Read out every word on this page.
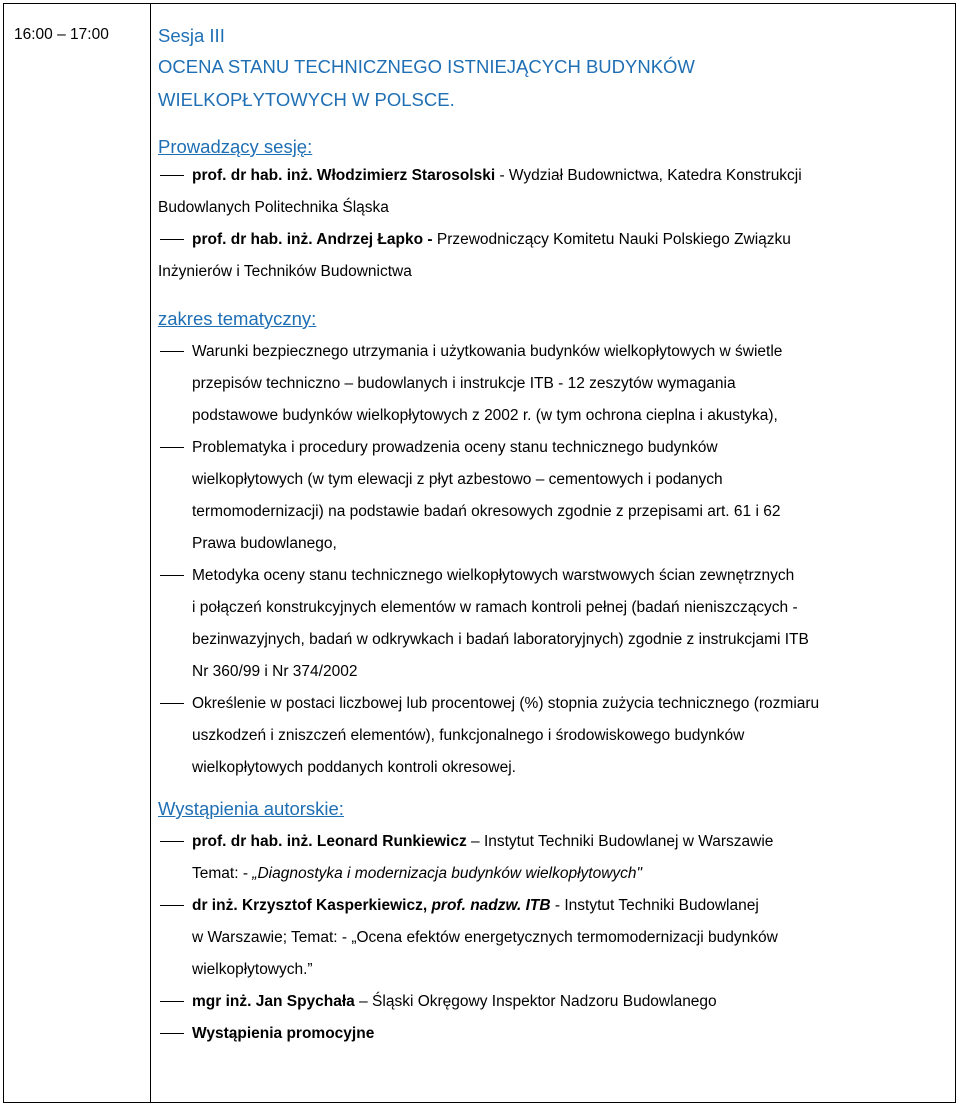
16:00 – 17:00	Sesja III
OCENA STANU TECHNICZNEGO ISTNIEJĄCYCH BUDYNKÓW
WIELKOPŁYTOWYCH W POLSCE.
Prowadzący sesję:
prof. dr hab. inż. Włodzimierz Starosolski - Wydział Budownictwa, Katedra Konstrukcji
Budowlanych Politechnika Śląska
prof. dr hab. inż. Andrzej Łapko - Przewodniczący Komitetu Nauki Polskiego Związku
Inżynierów i Techników Budownictwa
zakres tematyczny:
Warunki bezpiecznego utrzymania i użytkowania budynków wielkopłytowych w świetle
przepisów techniczno – budowlanych i instrukcje ITB - 12 zeszytów wymagania
podstawowe budynków wielkopłytowych z 2002 r. (w tym ochrona cieplna i akustyka),
Problematyka i procedury prowadzenia oceny stanu technicznego budynków
wielkopłytowych (w tym elewacji z płyt azbestowo – cementowych i podanych
termomodernizacji) na podstawie badań okresowych zgodnie z przepisami art. 61 i 62
Prawa budowlanego,
Metodyka oceny stanu technicznego wielkopłytowych warstwowych ścian zewnętrznych
i połączeń konstrukcyjnych elementów w ramach kontroli pełnej (badań nieniszczących -
bezinwazyjnych, badań w odkrywkach i badań laboratoryjnych) zgodnie z instrukcjami ITB
Nr 360/99 i Nr 374/2002
Określenie w postaci liczbowej lub procentowej (%) stopnia zużycia technicznego (rozmiaru
uszkodzeń i zniszczeń elementów), funkcjonalnego i środowiskowego budynków
wielkopłytowych poddanych kontroli okresowej.
Wystąpienia autorskie:
prof. dr hab. inż. Leonard Runkiewicz – Instytut Techniki Budowlanej w Warszawie
Temat: - „Diagnostyka i modernizacja budynków wielkopłytowych"
dr inż. Krzysztof Kasperkiewicz, prof. nadzw. ITB - Instytut Techniki Budowlanej
w Warszawie; Temat: - „Ocena efektów energetycznych termomodernizacji budynków
wielkopłytowych.”
mgr inż. Jan Spychała – Śląski Okręgowy Inspektor Nadzoru Budowlanego
Wystąpienia promocyjne
